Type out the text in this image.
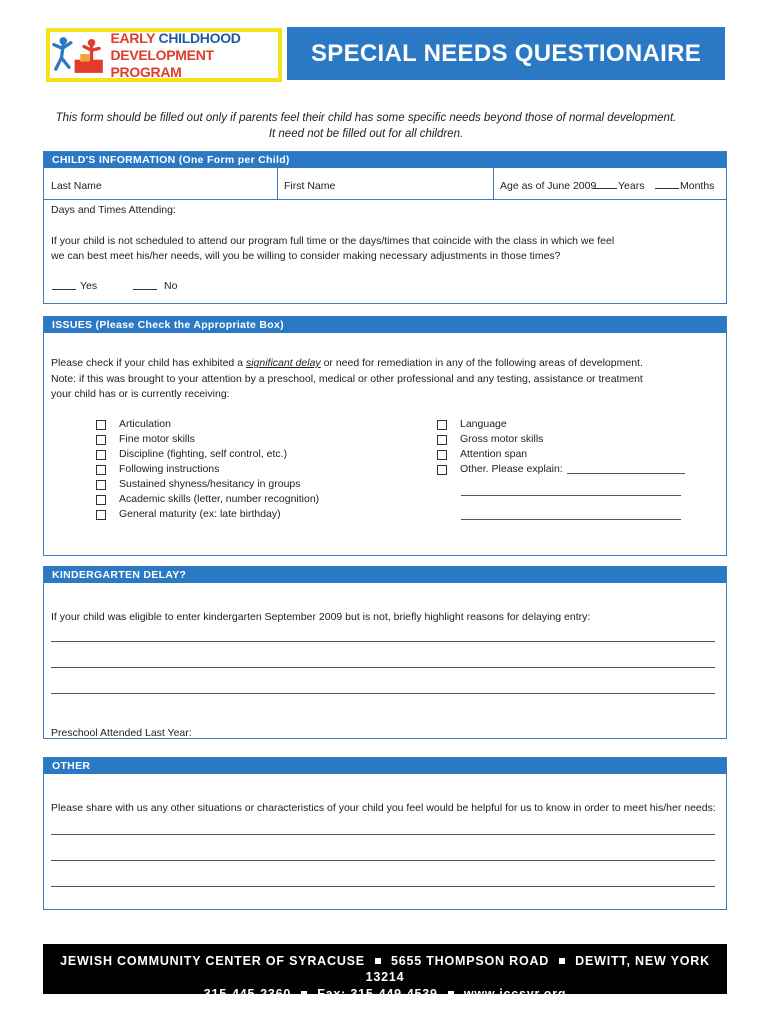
EARLY CHILDHOOD
DEVELOPMENT PROGRAM
SPECIAL NEEDS QUESTIONAIRE
This form should be filled out only if parents feel their child has some specific needs beyond those of normal development.
It need not be filled out for all children.
CHILD'S INFORMATION (One Form per Child)
Last Name	First Name	Age as of June 2009 Years	Months
Days and Times Attending:
If your child is not scheduled to attend our program full time or the days/times that coincide with the class in which we feel
we can best meet his/her needs, will you be willing to consider making necessary adjustments in those times?
Yes	No
ISSUES (Please Check the Appropriate Box)
Please check if your child has exhibited a significant delay or need for remediation in any of the following areas of development.
Note: if this was brought to your attention by a preschool, medical or other professional and any testing, assistance or treatment
your child has or is currently receiving:
Articulation
Fine motor skills
Discipline (fighting, self control, etc.)
Following instructions
Sustained shyness/hesitancy in groups
Academic skills (letter, number recognition)
General maturity (ex: late birthday)
Language
Gross motor skills
Attention span
Other. Please explain:
KINDERGARTEN DELAY?
If your child was eligible to enter kindergarten September 2009 but is not, briefly highlight reasons for delaying entry:
Preschool Attended Last Year:
OTHER
Please share with us any other situations or characteristics of your child you feel would be helpful for us to know in order to meet his/her needs:
JEWISH COMMUNITY CENTER OF SYRACUSE 5655 THOMPSON ROAD DEWITT, NEW YORK 13214
315-445-2360 Fax: 315-449-4539 www.jccsyr.org
